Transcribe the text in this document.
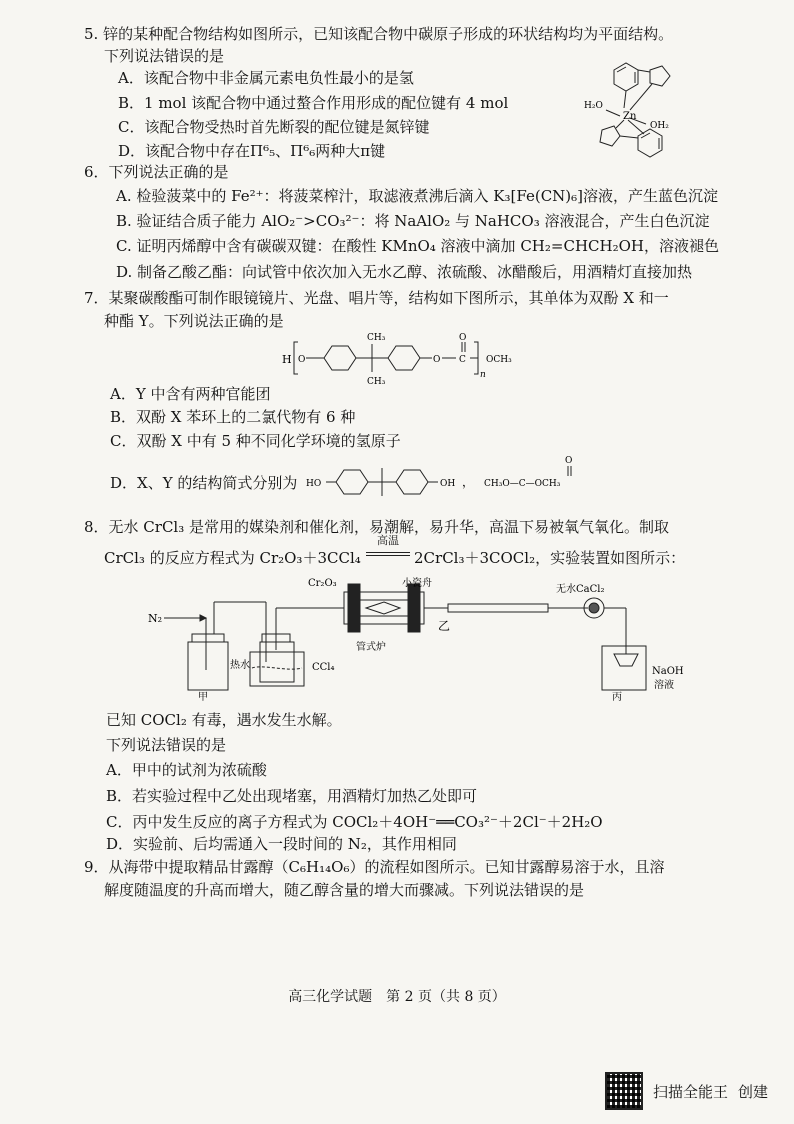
5. 锌的某种配合物结构如图所示，已知该配合物中碳原子形成的环状结构均为平面结构。
下列说法错误的是
A．该配合物中非金属元素电负性最小的是氢
B．1 mol 该配合物中通过螯合作用形成的配位键有 4 mol
C．该配合物受热时首先断裂的配位键是氮锌键
D．该配合物中存在Π⁶₅、Π⁶₆两种大π键
Zn
H₂O
OH₂
6．下列说法正确的是
A. 检验菠菜中的 Fe²⁺：将菠菜榨汁，取滤液煮沸后滴入 K₃[Fe(CN)₆]溶液，产生蓝色沉淀
B. 验证结合质子能力 AlO₂⁻>CO₃²⁻：将 NaAlO₂ 与 NaHCO₃ 溶液混合，产生白色沉淀
C. 证明丙烯醇中含有碳碳双键：在酸性 KMnO₄ 溶液中滴加 CH₂=CHCH₂OH，溶液褪色
D. 制备乙酸乙酯：向试管中依次加入无水乙醇、浓硫酸、冰醋酸后，用酒精灯直接加热
7．某聚碳酸酯可制作眼镜镜片、光盘、唱片等，结构如下图所示，其单体为双酚 X 和一
种酯 Y。下列说法正确的是
H O
CH₃
CH₃
O C
O
n
OCH₃
A．Y 中含有两种官能团
B．双酚 X 苯环上的二氯代物有 6 种
C．双酚 X 中有 5 种不同化学环境的氢原子
D．X、Y 的结构简式分别为 HO	OH ， CH₃O—C—OCH₃
O
8．无水 CrCl₃ 是常用的媒染剂和催化剂，易潮解，易升华，高温下易被氧气氧化。制取
CrCl₃ 的反应方程式为 Cr₂O₃＋3CCl₄
高温
2CrCl₃＋3COCl₂，实验装置如图所示：
N₂
Cr₂O₃	小瓷舟
管式炉
乙
无水CaCl₂
热水	CCl₄
甲	丙
NaOH
溶液
已知 COCl₂ 有毒，遇水发生水解。
下列说法错误的是
A．甲中的试剂为浓硫酸
B．若实验过程中乙处出现堵塞，用酒精灯加热乙处即可
C．丙中发生反应的离子方程式为 COCl₂＋4OH⁻══CO₃²⁻＋2Cl⁻＋2H₂O
D．实验前、后均需通入一段时间的 N₂，其作用相同
9．从海带中提取精品甘露醇（C₆H₁₄O₆）的流程如图所示。已知甘露醇易溶于水，且溶
解度随温度的升高而增大，随乙醇含量的增大而骤减。下列说法错误的是
高三化学试题　第 2 页（共 8 页）
扫描全能王 创建
